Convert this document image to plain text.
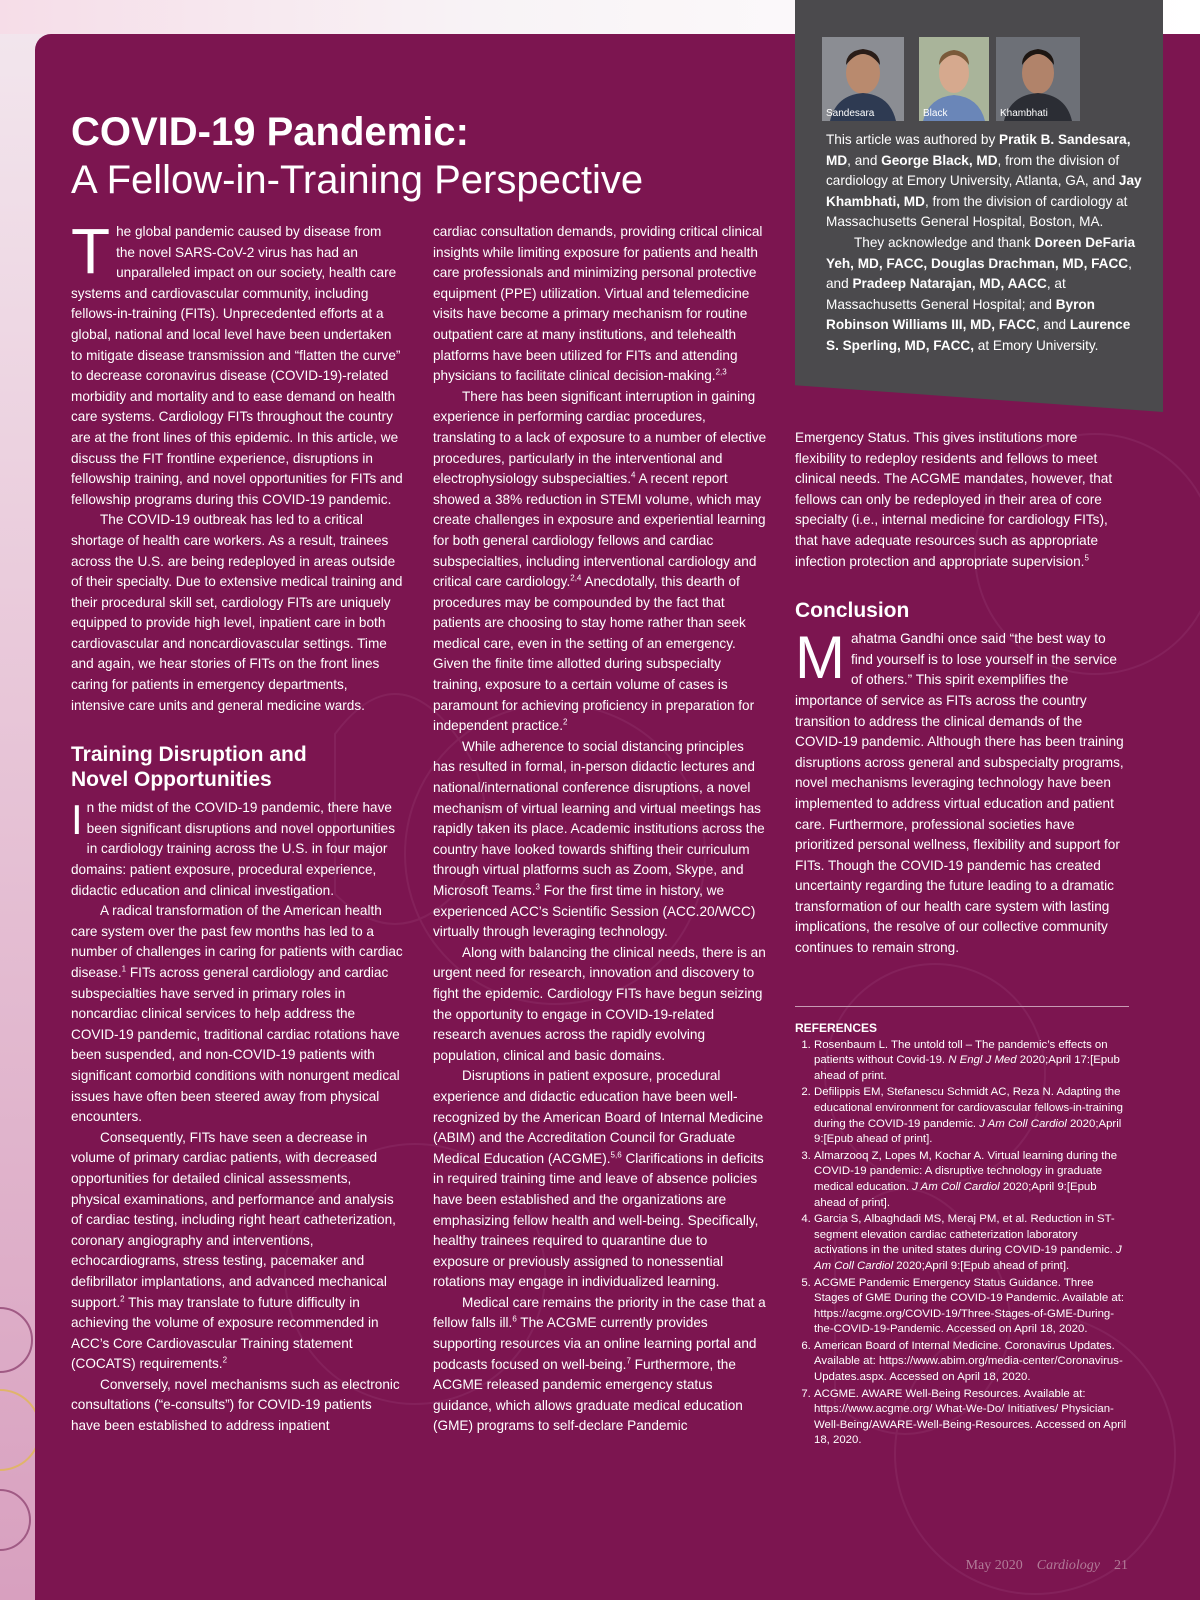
Sandesara	Black	Khambhati

This article was authored by Pratik B. Sandesara, MD, and George Black, MD, from the division of cardiology at Emory University, Atlanta, GA, and Jay Khambhati, MD, from the division of cardiology at Massachusetts General Hospital, Boston, MA.

They acknowledge and thank Doreen DeFaria Yeh, MD, FACC, Douglas Drachman, MD, FACC, and Pradeep Natarajan, MD, AACC, at Massachusetts General Hospital; and Byron Robinson Williams III, MD, FACC, and Laurence S. Sperling, MD, FACC, at Emory University.

COVID-19 Pandemic:
A Fellow-in-Training Perspective

The global pandemic caused by disease from the novel SARS-CoV-2 virus has had an unparalleled impact on our society, health care systems and cardiovascular community, including fellows-in-training (FITs). Unprecedented efforts at a global, national and local level have been undertaken to mitigate disease transmission and “flatten the curve” to decrease coronavirus disease (COVID-19)-related morbidity and mortality and to ease demand on health care systems. Cardiology FITs throughout the country are at the front lines of this epidemic. In this article, we discuss the FIT frontline experience, disruptions in fellowship training, and novel opportunities for FITs and fellowship programs during this COVID-19 pandemic.

The COVID-19 outbreak has led to a critical shortage of health care workers. As a result, trainees across the U.S. are being redeployed in areas outside of their specialty. Due to extensive medical training and their procedural skill set, cardiology FITs are uniquely equipped to provide high level, inpatient care in both cardiovascular and noncardiovascular settings. Time and again, we hear stories of FITs on the front lines caring for patients in emergency departments, intensive care units and general medicine wards.

Training Disruption and
Novel Opportunities

In the midst of the COVID-19 pandemic, there have been significant disruptions and novel opportunities in cardiology training across the U.S. in four major domains: patient exposure, procedural experience, didactic education and clinical investigation.

A radical transformation of the American health care system over the past few months has led to a number of challenges in caring for patients with cardiac disease.$^1$ FITs across general cardiology and cardiac subspecialties have served in primary roles in noncardiac clinical services to help address the COVID-19 pandemic, traditional cardiac rotations have been suspended, and non-COVID-19 patients with significant comorbid conditions with nonurgent medical issues have often been steered away from physical encounters.

Consequently, FITs have seen a decrease in volume of primary cardiac patients, with decreased opportunities for detailed clinical assessments, physical examinations, and performance and analysis of cardiac testing, including right heart catheterization, coronary angiography and interventions, echocardiograms, stress testing, pacemaker and defibrillator implantations, and advanced mechanical support.$^2$ This may translate to future difficulty in achieving the volume of exposure recommended in ACC’s Core Cardiovascular Training statement (COCATS) requirements.$^2$

Conversely, novel mechanisms such as electronic consultations (“e-consults”) for COVID-19 patients have been established to address inpatient

cardiac consultation demands, providing critical clinical insights while limiting exposure for patients and health care professionals and minimizing personal protective equipment (PPE) utilization. Virtual and telemedicine visits have become a primary mechanism for routine outpatient care at many institutions, and telehealth platforms have been utilized for FITs and attending physicians to facilitate clinical decision-making.$^{2,3}$

There has been significant interruption in gaining experience in performing cardiac procedures, translating to a lack of exposure to a number of elective procedures, particularly in the interventional and electrophysiology subspecialties.$^4$ A recent report showed a 38% reduction in STEMI volume, which may create challenges in exposure and experiential learning for both general cardiology fellows and cardiac subspecialties, including interventional cardiology and critical care cardiology.$^{2,4}$ Anecdotally, this dearth of procedures may be compounded by the fact that patients are choosing to stay home rather than seek medical care, even in the setting of an emergency. Given the finite time allotted during subspecialty training, exposure to a certain volume of cases is paramount for achieving proficiency in preparation for independent practice.$^2$

While adherence to social distancing principles has resulted in formal, in-person didactic lectures and national/international conference disruptions, a novel mechanism of virtual learning and virtual meetings has rapidly taken its place. Academic institutions across the country have looked towards shifting their curriculum through virtual platforms such as Zoom, Skype, and Microsoft Teams.$^3$ For the first time in history, we experienced ACC’s Scientific Session (ACC.20/WCC) virtually through leveraging technology.

Along with balancing the clinical needs, there is an urgent need for research, innovation and discovery to fight the epidemic. Cardiology FITs have begun seizing the opportunity to engage in COVID-19-related research avenues across the rapidly evolving population, clinical and basic domains.

Disruptions in patient exposure, procedural experience and didactic education have been well-recognized by the American Board of Internal Medicine (ABIM) and the Accreditation Council for Graduate Medical Education (ACGME).$^{5,6}$ Clarifications in deficits in required training time and leave of absence policies have been established and the organizations are emphasizing fellow health and well-being. Specifically, healthy trainees required to quarantine due to exposure or previously assigned to nonessential rotations may engage in individualized learning.

Medical care remains the priority in the case that a fellow falls ill.$^6$ The ACGME currently provides supporting resources via an online learning portal and podcasts focused on well-being.$^7$ Furthermore, the ACGME released pandemic emergency status guidance, which allows graduate medical education (GME) programs to self-declare Pandemic

Emergency Status. This gives institutions more flexibility to redeploy residents and fellows to meet clinical needs. The ACGME mandates, however, that fellows can only be redeployed in their area of core specialty (i.e., internal medicine for cardiology FITs), that have adequate resources such as appropriate infection protection and appropriate supervision.$^5$

Conclusion

Mahatma Gandhi once said “the best way to find yourself is to lose yourself in the service of others.” This spirit exemplifies the importance of service as FITs across the country transition to address the clinical demands of the COVID-19 pandemic. Although there has been training disruptions across general and subspecialty programs, novel mechanisms leveraging technology have been implemented to address virtual education and patient care. Furthermore, professional societies have prioritized personal wellness, flexibility and support for FITs. Though the COVID-19 pandemic has created uncertainty regarding the future leading to a dramatic transformation of our health care system with lasting implications, the resolve of our collective community continues to remain strong.

REFERENCES
1. Rosenbaum L. The untold toll – The pandemic’s effects on patients without Covid-19. N Engl J Med 2020;April 17:[Epub ahead of print.
2. Defilippis EM, Stefanescu Schmidt AC, Reza N. Adapting the educational environment for cardiovascular fellows-in-training during the COVID-19 pandemic. J Am Coll Cardiol 2020;April 9:[Epub ahead of print].
3. Almarzooq Z, Lopes M, Kochar A. Virtual learning during the COVID-19 pandemic: A disruptive technology in graduate medical education. J Am Coll Cardiol 2020;April 9:[Epub ahead of print].
4. Garcia S, Albaghdadi MS, Meraj PM, et al. Reduction in ST-segment elevation cardiac catheterization laboratory activations in the united states during COVID-19 pandemic. J Am Coll Cardiol 2020;April 9:[Epub ahead of print].
5. ACGME Pandemic Emergency Status Guidance. Three Stages of GME During the COVID-19 Pandemic. Available at: https://acgme.org/COVID-19/Three-Stages-of-GME-During-the-COVID-19-Pandemic. Accessed on April 18, 2020.
6. American Board of Internal Medicine. Coronavirus Updates. Available at: https://www.abim.org/media-center/Coronavirus-Updates.aspx. Accessed on April 18, 2020.
7. ACGME. AWARE Well-Being Resources. Available at: https://www.acgme.org/ What-We-Do/ Initiatives/ Physician-Well-Being/AWARE-Well-Being-Resources. Accessed on April 18, 2020.
May 2020 Cardiology 21
